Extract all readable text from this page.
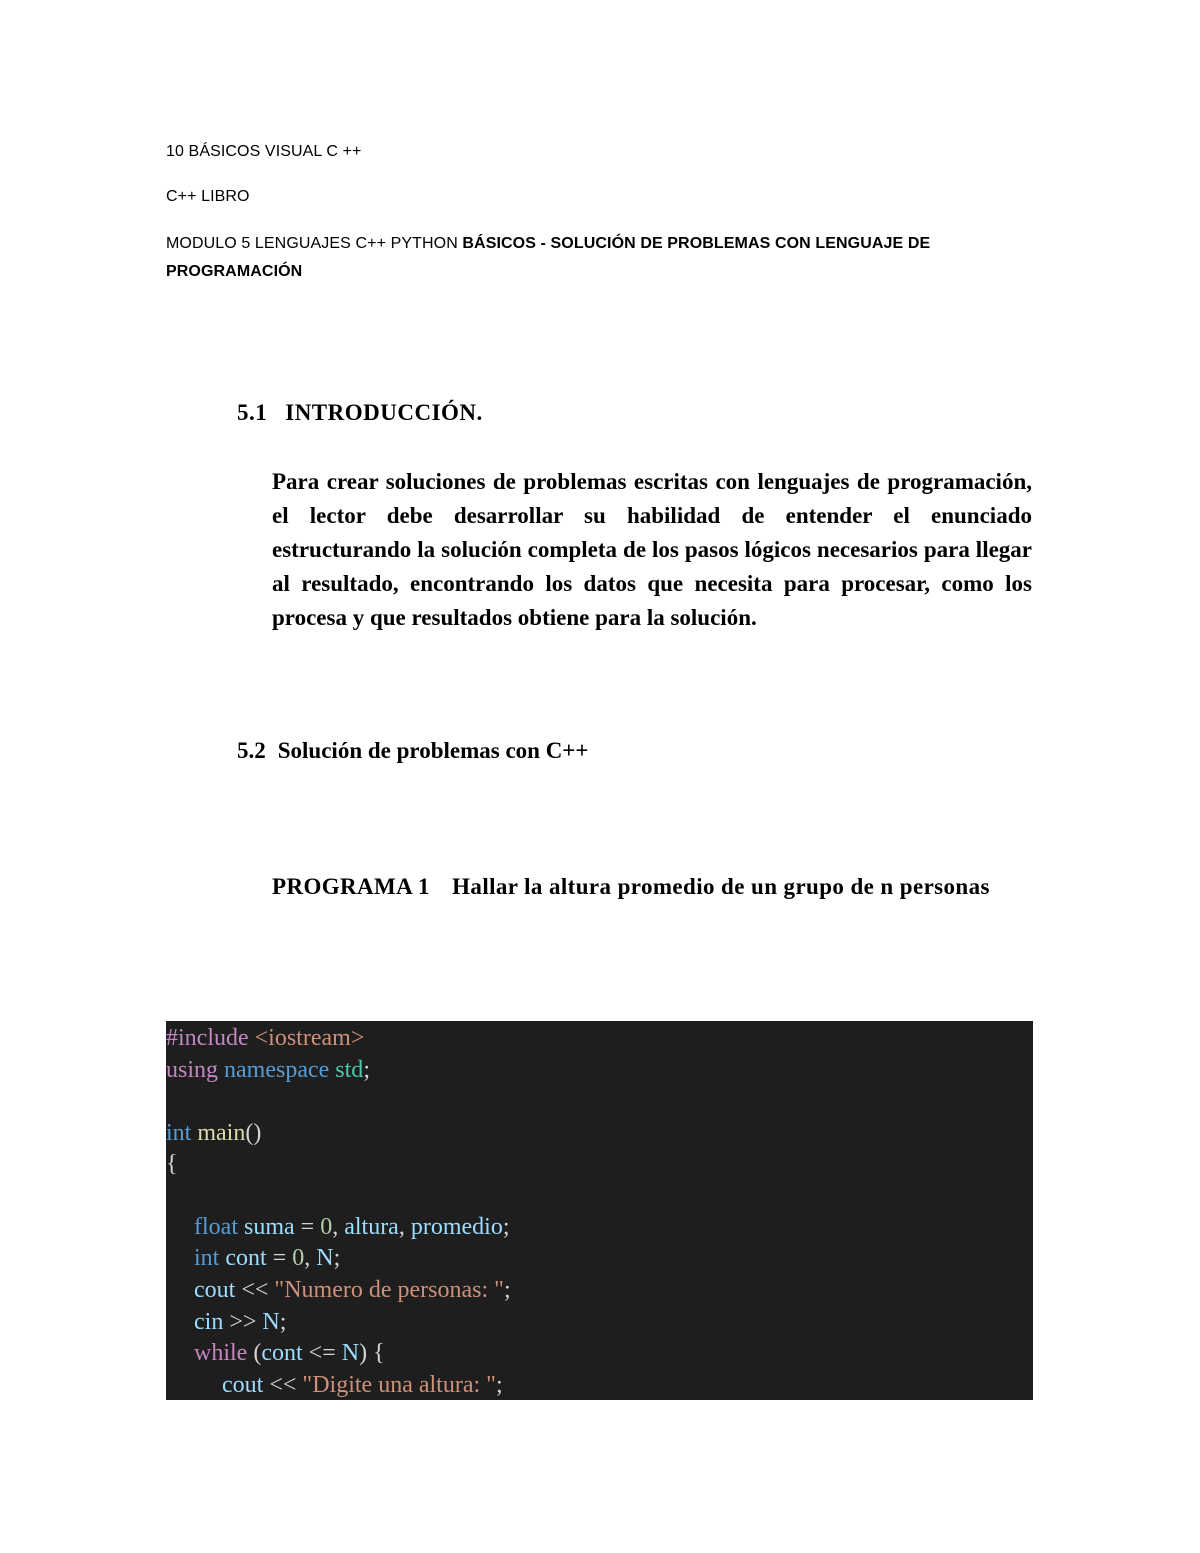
10 BÁSICOS VISUAL C ++
C++ LIBRO
MODULO 5 LENGUAJES C++ PYTHON BÁSICOS - SOLUCIÓN DE PROBLEMAS CON LENGUAJE DE PROGRAMACIÓN
5.1 INTRODUCCIÓN.
Para crear soluciones de problemas escritas con lenguajes de programación, el lector debe desarrollar su habilidad de entender el enunciado estructurando la solución completa de los pasos lógicos necesarios para llegar al resultado, encontrando los datos que necesita para procesar, como los procesa y que resultados obtiene para la solución.
5.2 Solución de problemas con C++
PROGRAMA 1 Hallar la altura promedio de un grupo de n personas
#include <iostream>
using namespace std;
int main()
{
float suma = 0, altura, promedio;
int cont = 0, N;
cout << "Numero de personas: ";
cin >> N;
while (cont <= N) {
cout << "Digite una altura: ";
